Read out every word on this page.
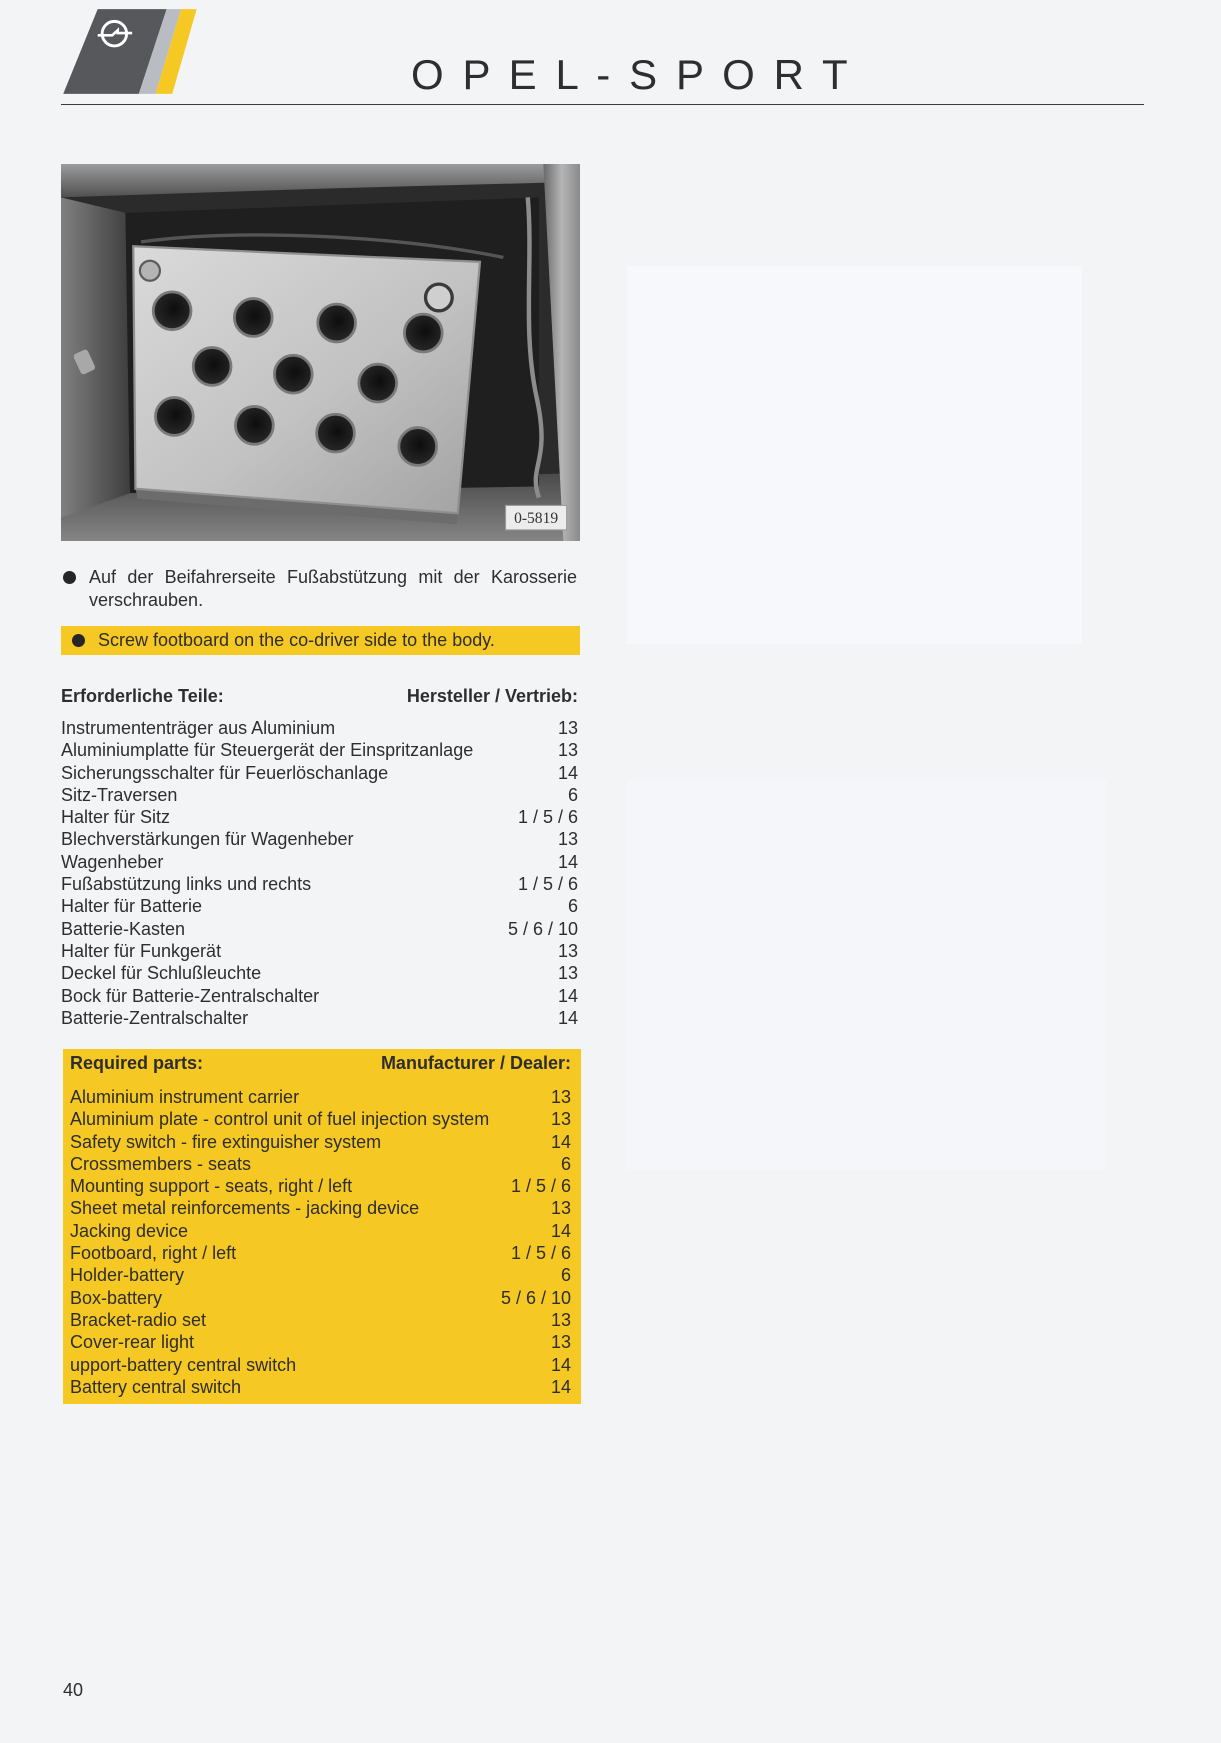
O P E L - S P O R T
0-5819
Auf der Beifahrerseite Fußabstützung mit der Karosserie verschrauben.
Screw footboard on the co-driver side to the body.
Erforderliche Teile:	Hersteller / Vertrieb:
Instrumententräger aus Aluminium	13
Aluminiumplatte für Steuergerät der Einspritzanlage	13
Sicherungsschalter für Feuerlöschanlage	14
Sitz-Traversen	6
Halter für Sitz	1 / 5 / 6
Blechverstärkungen für Wagenheber	13
Wagenheber	14
Fußabstützung links und rechts	1 / 5 / 6
Halter für Batterie	6
Batterie-Kasten	5 / 6 / 10
Halter für Funkgerät	13
Deckel für Schlußleuchte	13
Bock für Batterie-Zentralschalter	14
Batterie-Zentralschalter	14
Required parts:	Manufacturer / Dealer:
Aluminium instrument carrier	13
Aluminium plate - control unit of fuel injection system	13
Safety switch - fire extinguisher system	14
Crossmembers - seats	6
Mounting support - seats, right / left	1 / 5 / 6
Sheet metal reinforcements - jacking device	13
Jacking device	14
Footboard, right / left	1 / 5 / 6
Holder-battery	6
Box-battery	5 / 6 / 10
Bracket-radio set	13
Cover-rear light	13
upport-battery central switch	14
Battery central switch	14
40
